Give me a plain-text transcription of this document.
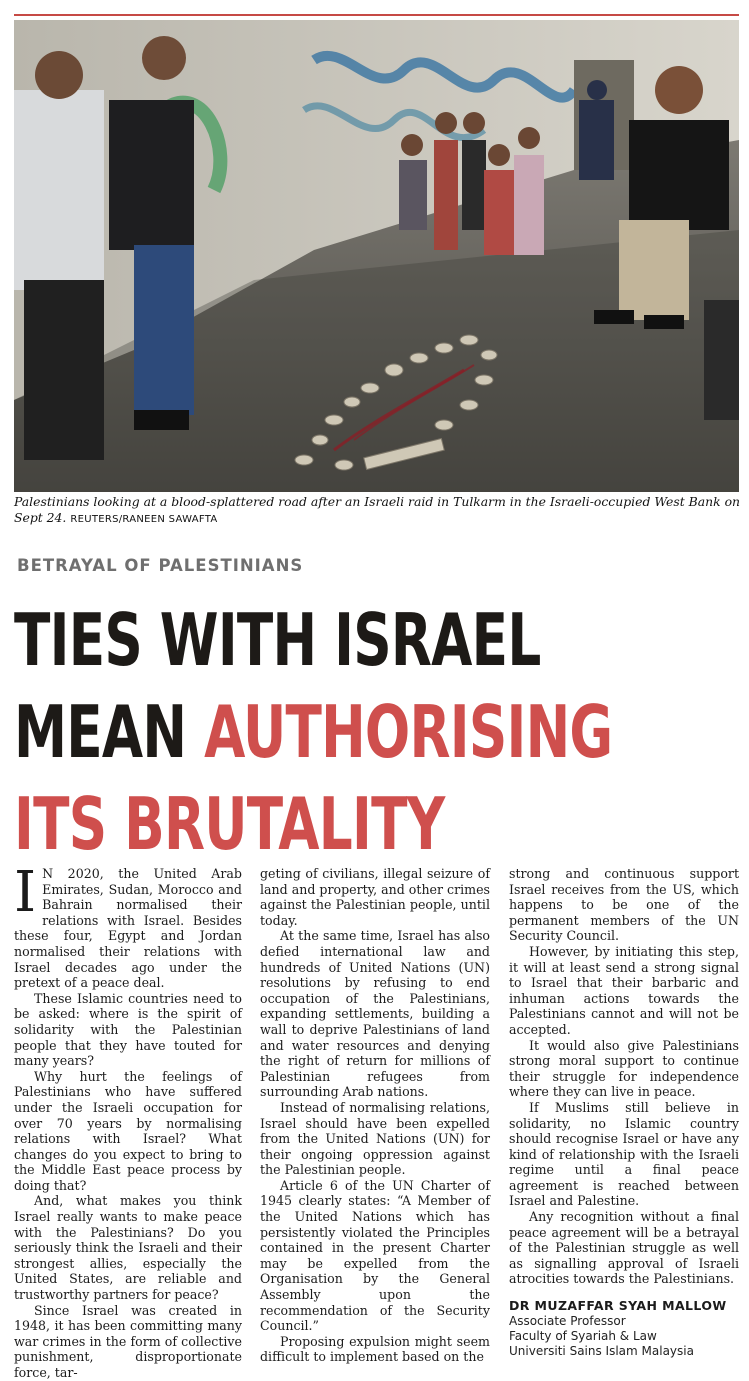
Palestinians looking at a blood-splattered road after an Israeli raid in Tulkarm in the Israeli-occupied West Bank on Sept 24. REUTERS/RANEEN SAWAFTA
BETRAYAL OF PALESTINIANS
TIES WITH ISRAEL
MEAN AUTHORISING
ITS BRUTALITY

I N 2020, the United Arab Emirates, Sudan, Morocco and Bahrain normalised their relations with Israel. Besides these four, Egypt and Jordan normalised their relations with Israel decades ago under the pretext of a peace deal.

These Islamic countries need to be asked: where is the spirit of solidarity with the Palestinian people that they have touted for many years?

Why hurt the feelings of Palestinians who have suffered under the Israeli occupation for over 70 years by normalising relations with Israel? What changes do you expect to bring to the Middle East peace process by doing that?

And, what makes you think Israel really wants to make peace with the Palestinians? Do you seriously think the Israeli and their strongest allies, especially the United States, are reliable and trustworthy partners for peace?

Since Israel was created in 1948, it has been committing many war crimes in the form of collective punishment, disproportionate force, tar-

geting of civilians, illegal seizure of land and property, and other crimes against the Palestinian people, until today.

At the same time, Israel has also defied international law and hundreds of United Nations (UN) resolutions by refusing to end occupation of the Palestinians, expanding settlements, building a wall to deprive Palestinians of land and water resources and denying the right of return for millions of Palestinian refugees from surrounding Arab nations.

Instead of normalising relations, Israel should have been expelled from the United Nations (UN) for their ongoing oppression against the Palestinian people.

Article 6 of the UN Charter of 1945 clearly states: “A Member of the United Nations which has persistently violated the Principles contained in the present Charter may be expelled from the Organisation by the General Assembly upon the recommendation of the Security Council.”

Proposing expulsion might seem difficult to implement based on the

strong and continuous support Israel receives from the US, which happens to be one of the permanent members of the UN Security Council.

However, by initiating this step, it will at least send a strong signal to Israel that their barbaric and inhuman actions towards the Palestinians cannot and will not be accepted.

It would also give Palestinians strong moral support to continue their struggle for independence where they can live in peace.

If Muslims still believe in solidarity, no Islamic country should recognise Israel or have any kind of relationship with the Israeli regime until a final peace agreement is reached between Israel and Palestine.

Any recognition without a final peace agreement will be a betrayal of the Palestinian struggle as well as signalling approval of Israeli atrocities towards the Palestinians.

DR MUZAFFAR SYAH MALLOW
Associate Professor
Faculty of Syariah & Law
Universiti Sains Islam Malaysia
